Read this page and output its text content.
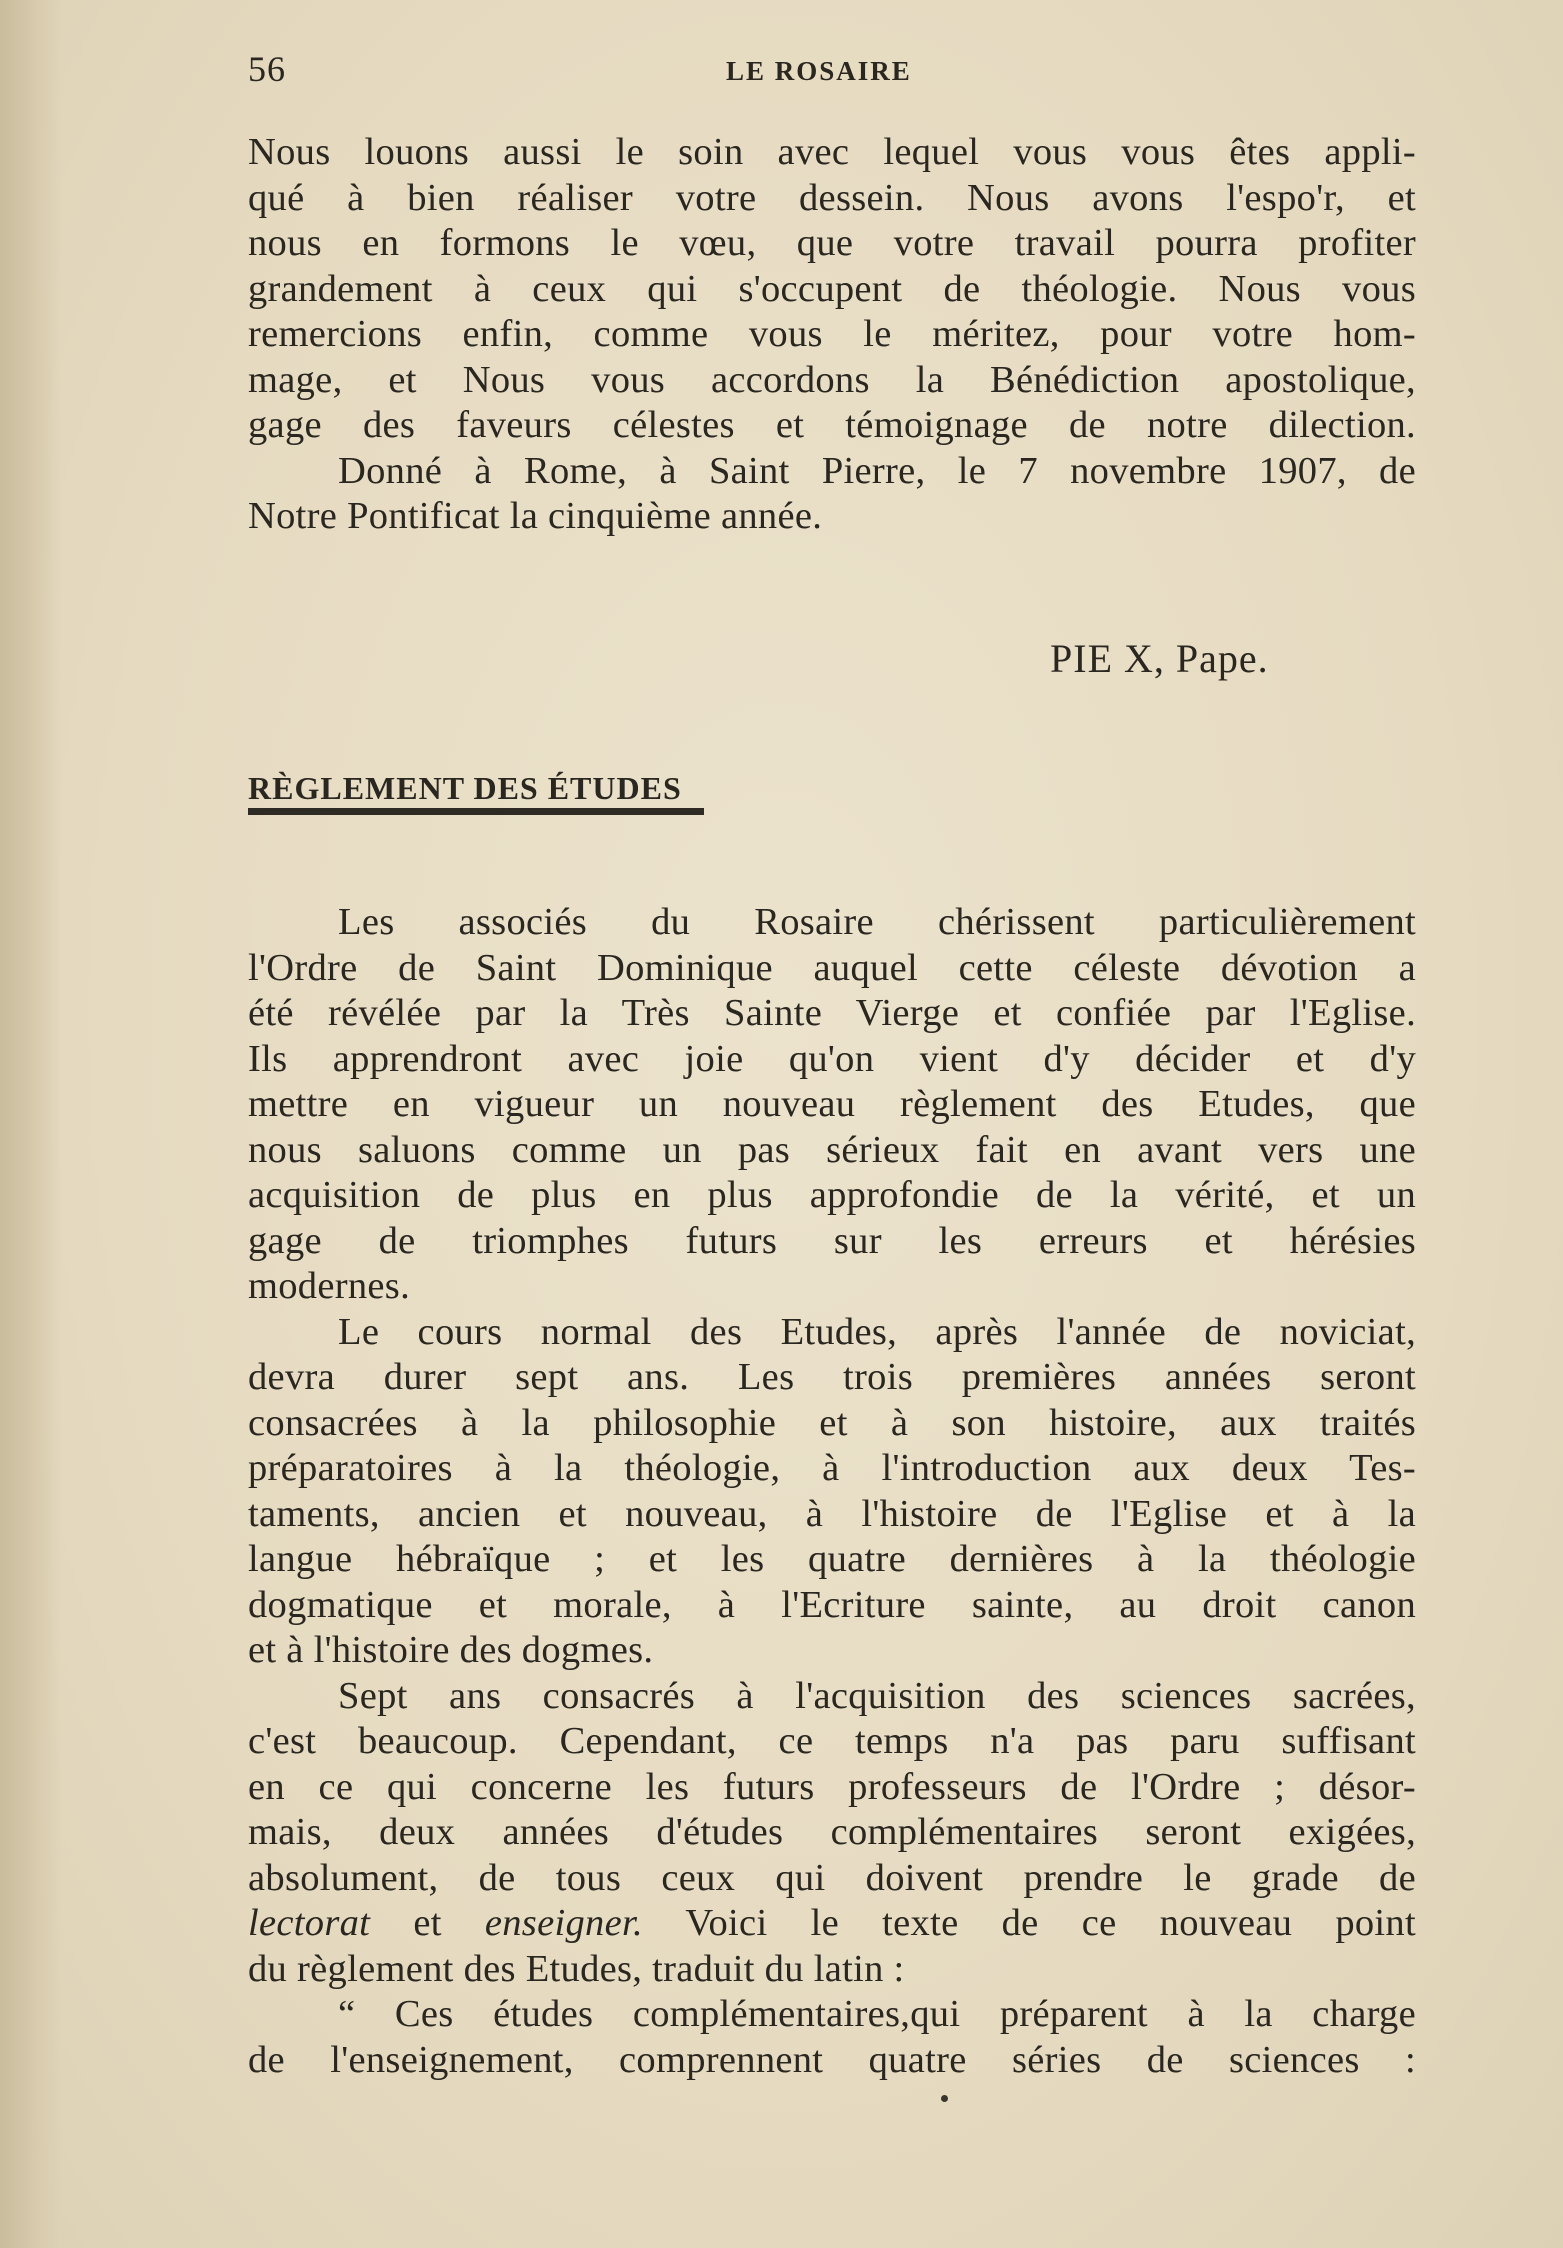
56	LE ROSAIRE
Nous louons aussi le soin avec lequel vous vous êtes appli-
qué à bien réaliser votre dessein. Nous avons l'espo'r, et
nous en formons le vœu, que votre travail pourra profiter
grandement à ceux qui s'occupent de théologie. Nous vous
remercions enfin, comme vous le méritez, pour votre hom-
mage, et Nous vous accordons la Bénédiction apostolique,
gage des faveurs célestes et témoignage de notre dilection.
Donné à Rome, à Saint Pierre, le 7 novembre 1907, de
Notre Pontificat la cinquième année.
PIE X, Pape.
RÈGLEMENT DES ÉTUDES
Les associés du Rosaire chérissent particulièrement
l'Ordre de Saint Dominique auquel cette céleste dévotion a
été révélée par la Très Sainte Vierge et confiée par l'Eglise.
Ils apprendront avec joie qu'on vient d'y décider et d'y
mettre en vigueur un nouveau règlement des Etudes, que
nous saluons comme un pas sérieux fait en avant vers une
acquisition de plus en plus approfondie de la vérité, et un
gage de triomphes futurs sur les erreurs et hérésies
modernes.
Le cours normal des Etudes, après l'année de noviciat,
devra durer sept ans. Les trois premières années seront
consacrées à la philosophie et à son histoire, aux traités
préparatoires à la théologie, à l'introduction aux deux Tes-
taments, ancien et nouveau, à l'histoire de l'Eglise et à la
langue hébraïque ; et les quatre dernières à la théologie
dogmatique et morale, à l'Ecriture sainte, au droit canon
et à l'histoire des dogmes.
Sept ans consacrés à l'acquisition des sciences sacrées,
c'est beaucoup. Cependant, ce temps n'a pas paru suffisant
en ce qui concerne les futurs professeurs de l'Ordre ; désor-
mais, deux années d'études complémentaires seront exigées,
absolument, de tous ceux qui doivent prendre le grade de
lectorat et enseigner. Voici le texte de ce nouveau point
du règlement des Etudes, traduit du latin :
“ Ces études complémentaires,qui préparent à la charge
de l'enseignement, comprennent quatre séries de sciences :
